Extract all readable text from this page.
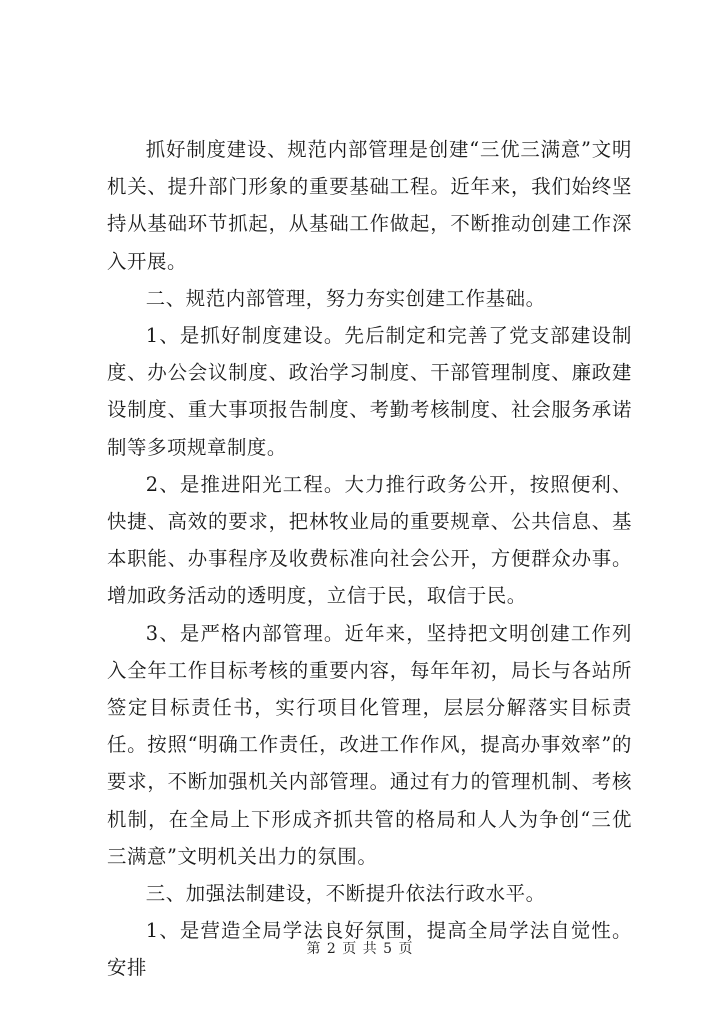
抓好制度建设、规范内部管理是创建“三优三满意”文明机关、提升部门形象的重要基础工程。近年来，我们始终坚持从基础环节抓起，从基础工作做起，不断推动创建工作深入开展。

二、规范内部管理，努力夯实创建工作基础。

1、是抓好制度建设。先后制定和完善了党支部建设制度、办公会议制度、政治学习制度、干部管理制度、廉政建设制度、重大事项报告制度、考勤考核制度、社会服务承诺制等多项规章制度。

2、是推进阳光工程。大力推行政务公开，按照便利、快捷、高效的要求，把林牧业局的重要规章、公共信息、基本职能、办事程序及收费标准向社会公开，方便群众办事。增加政务活动的透明度，立信于民，取信于民。

3、是严格内部管理。近年来，坚持把文明创建工作列入全年工作目标考核的重要内容，每年年初，局长与各站所签定目标责任书，实行项目化管理，层层分解落实目标责任。按照“明确工作责任，改进工作作风，提高办事效率”的要求，不断加强机关内部管理。通过有力的管理机制、考核机制，在全局上下形成齐抓共管的格局和人人为争创“三优三满意”文明机关出力的氛围。

三、加强法制建设，不断提升依法行政水平。

1、是营造全局学法良好氛围，提高全局学法自觉性。安排

第 2 页 共 5 页
